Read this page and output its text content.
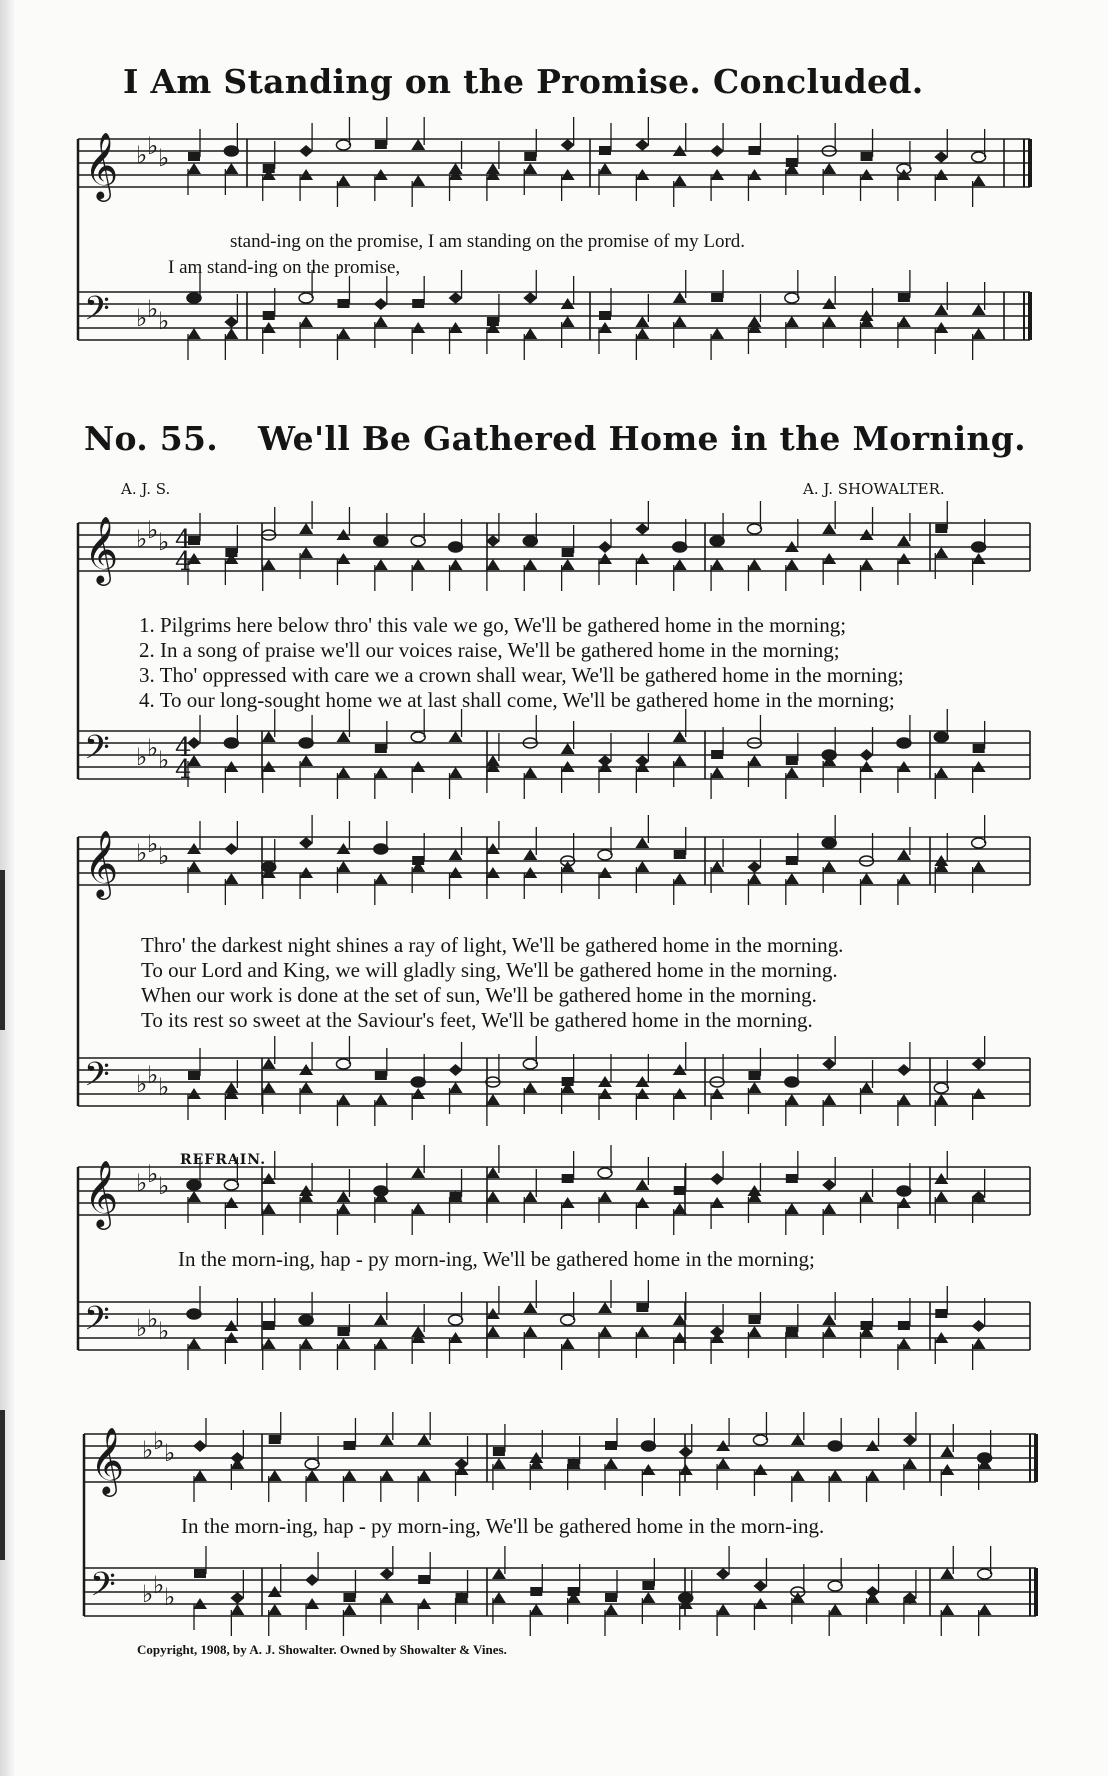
I Am Standing on the Promise. Concluded.
stand-ing on the promise, I am standing on the promise of my Lord.
I am stand-ing on the promise,
No. 55. We'll Be Gathered Home in the Morning.
A. J. S.	A. J. SHOWALTER.
1. Pilgrims here below thro' this vale we go, We'll be gathered home in the morning;
2. In a song of praise we'll our voices raise, We'll be gathered home in the morning;
3. Tho' oppressed with care we a crown shall wear, We'll be gathered home in the morning;
4. To our long-sought home we at last shall come, We'll be gathered home in the morning;
Thro' the darkest night shines a ray of light, We'll be gathered home in the morning.
To our Lord and King, we will gladly sing, We'll be gathered home in the morning.
When our work is done at the set of sun, We'll be gathered home in the morning.
To its rest so sweet at the Saviour's feet, We'll be gathered home in the morning.
REFRAIN.
In the morn-ing, hap - py morn-ing, We'll be gathered home in the morning;
In the morn-ing, hap - py morn-ing, We'll be gathered home in the morn-ing.
Copyright, 1908, by A. J. Showalter. Owned by Showalter & Vines.
𝄞 ♭ ♭ ♭
𝄢 ♭ ♭ ♭
𝄞 ♭ ♭ ♭
𝄢 ♭ ♭ ♭
𝄞 ♭ ♭ ♭
𝄢 ♭ ♭ ♭
𝄞 ♭ ♭ ♭
𝄢 ♭ ♭ ♭
𝄞 ♭ ♭ ♭
𝄢 ♭ ♭ ♭
4
4
4
4
